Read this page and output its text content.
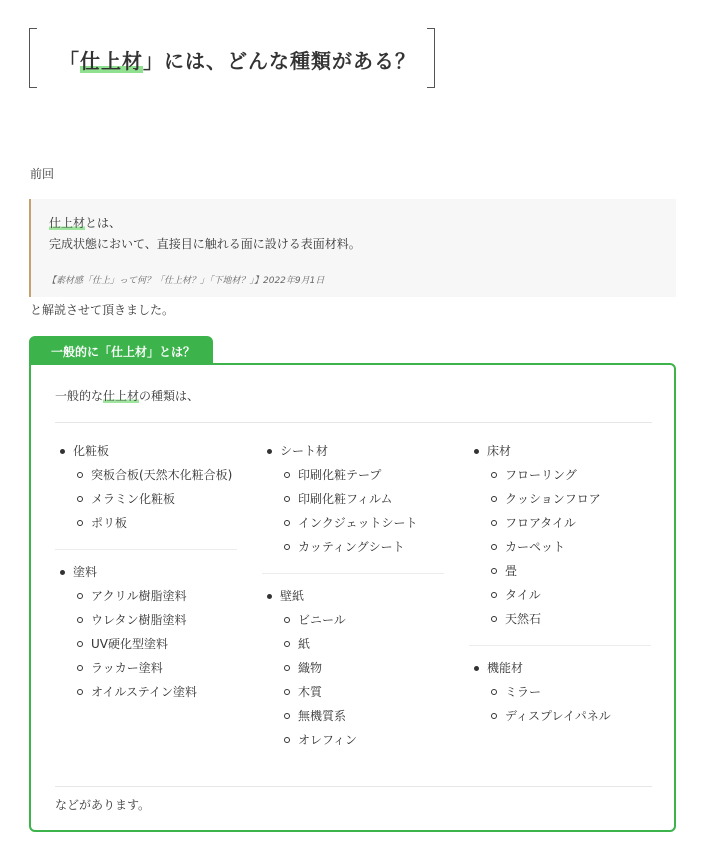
「仕上材」には、どんな種類がある？
前回
仕上材とは、
完成状態において、直接目に触れる面に設ける表面材料。
【素材感「仕上」って何？「仕上材？」「下地材？」】2022年9月1日
と解説させて頂きました。
一般的に「仕上材」とは？
一般的な仕上材の種類は、
化粧板
突板合板(天然木化粧合板)
メラミン化粧板
ポリ板
塗料
アクリル樹脂塗料
ウレタン樹脂塗料
UV硬化型塗料
ラッカー塗料
オイルステイン塗料
シート材
印刷化粧テープ
印刷化粧フィルム
インクジェットシート
カッティングシート
壁紙
ビニール
紙
織物
木質
無機質系
オレフィン
床材
フローリング
クッションフロア
フロアタイル
カーペット
畳
タイル
天然石
機能材
ミラー
ディスプレイパネル
などがあります。
